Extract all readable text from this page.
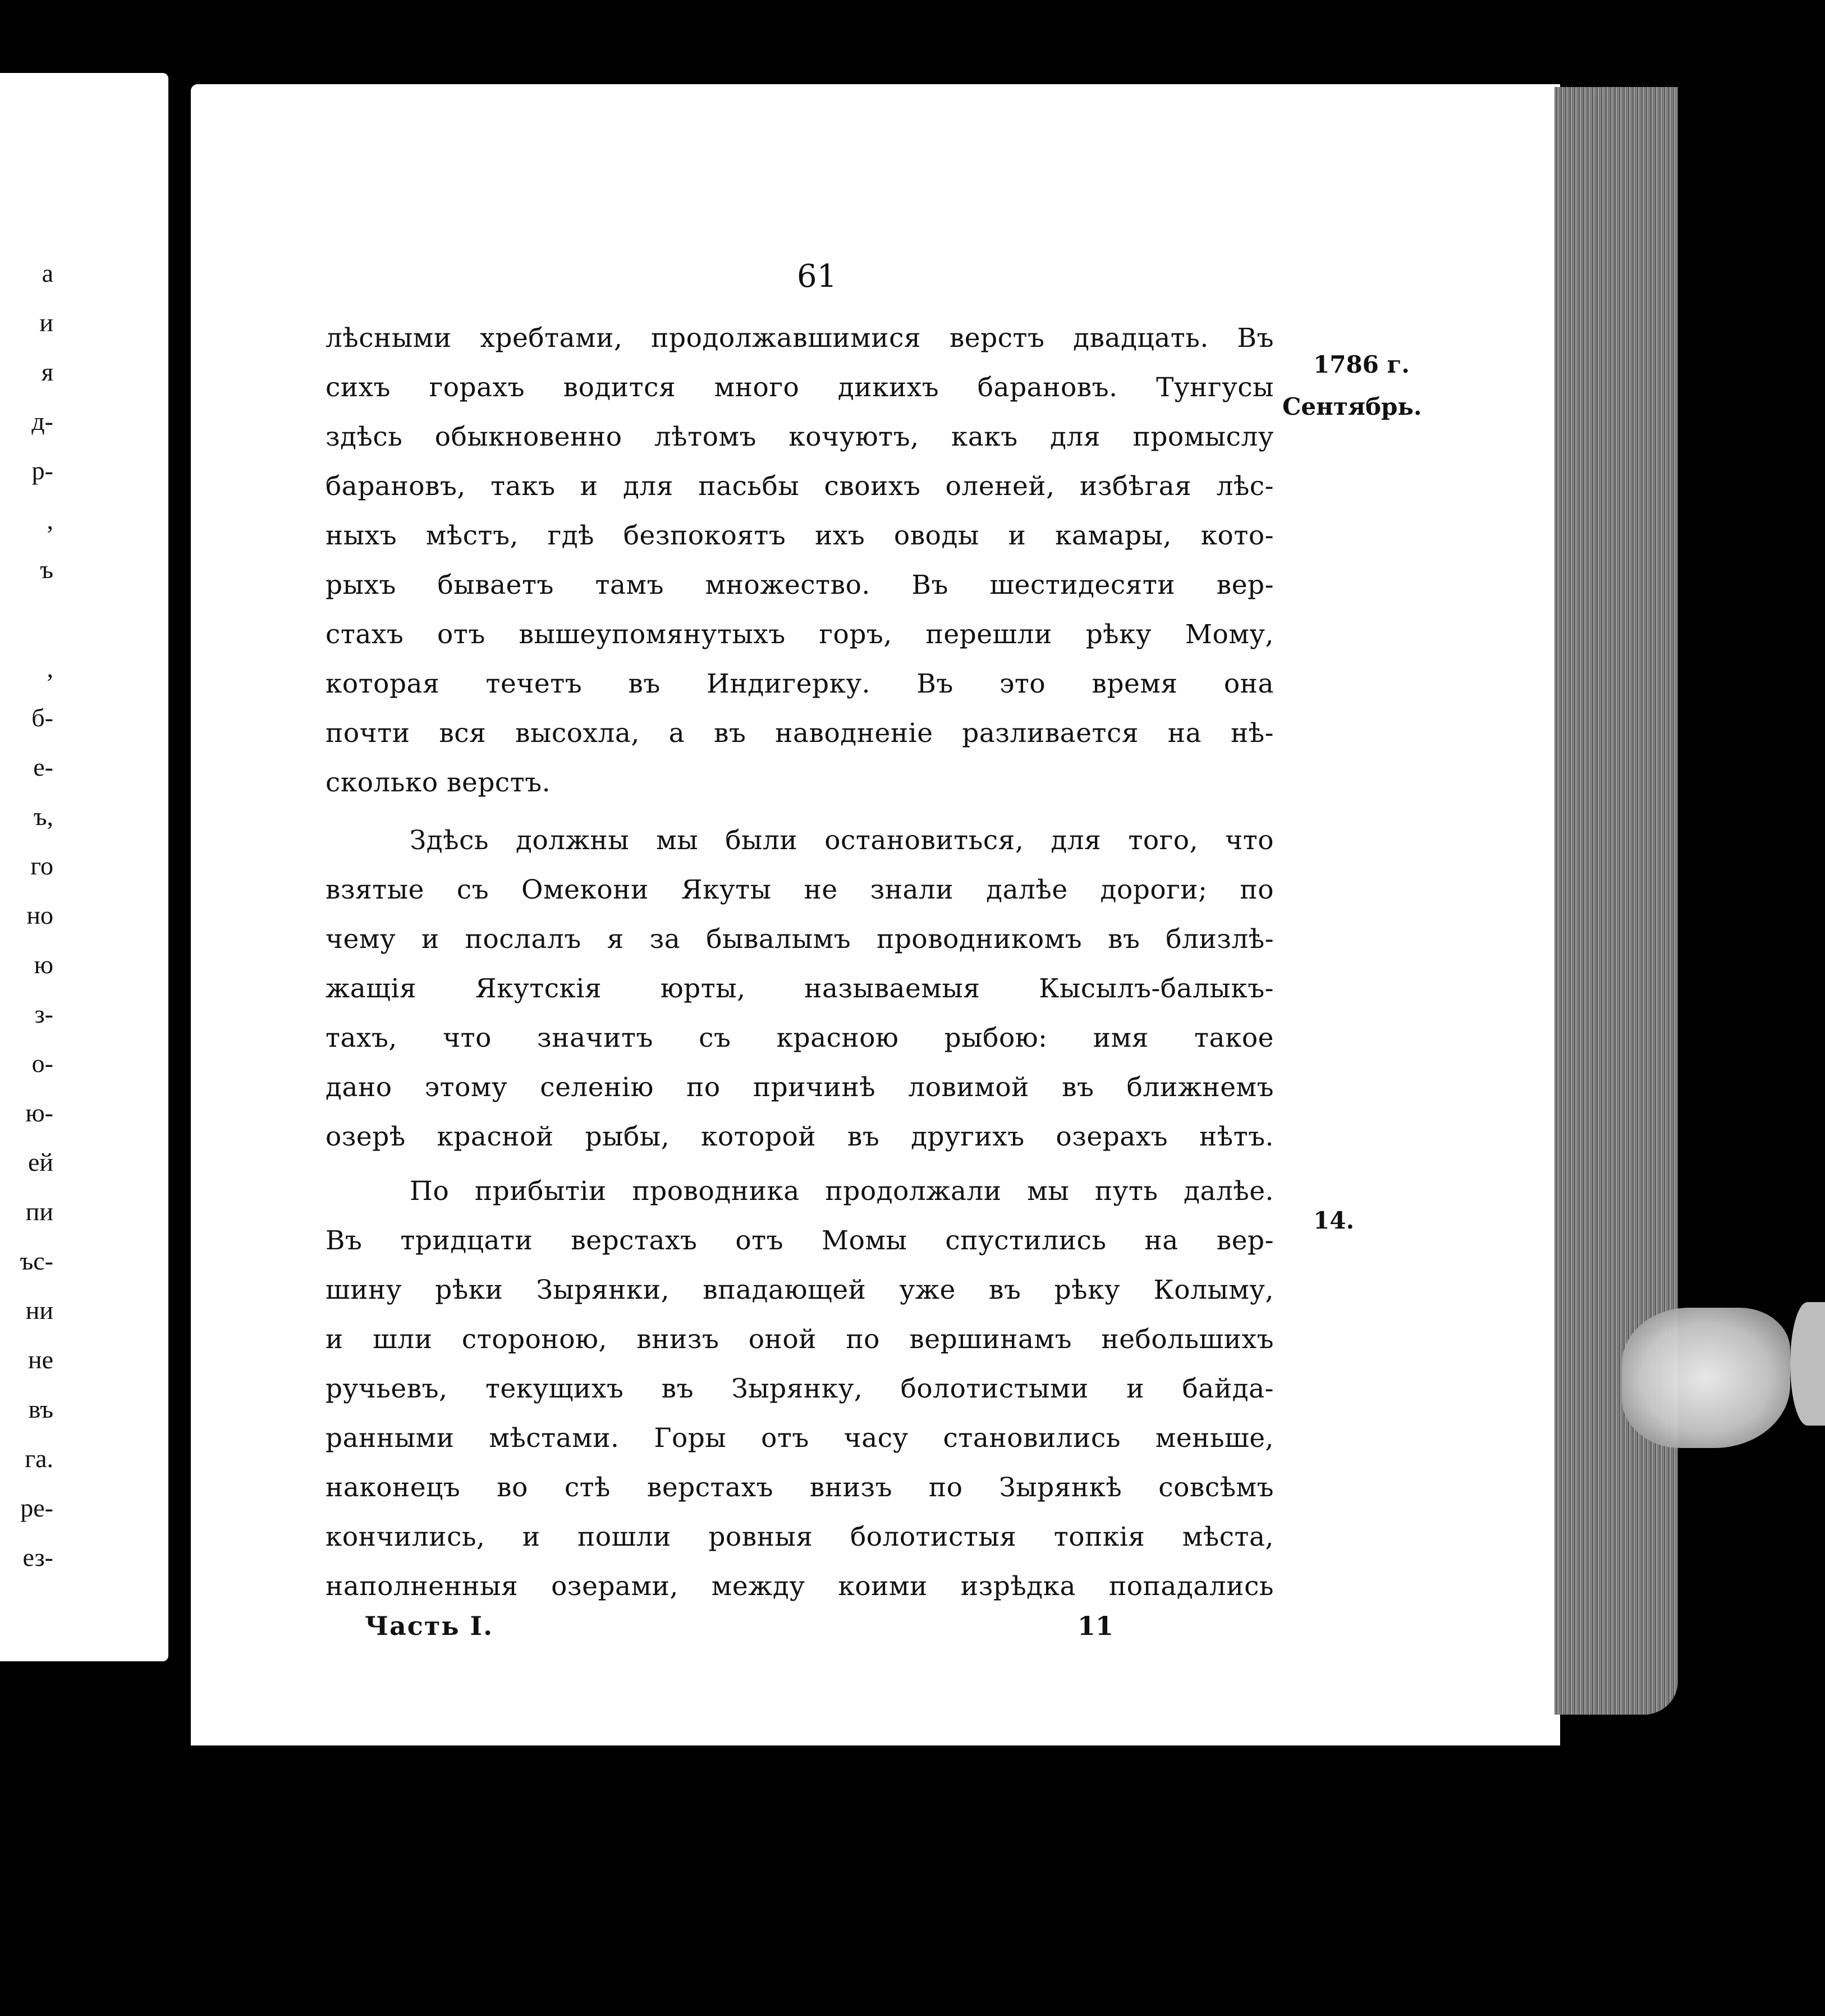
а
и
я
д-
р-
,
ъ
,
б-
е-
ъ,
го
но
ю
з-
о-
ю-
ей
пи
ъс-
ни
не
въ
га.
ре-
ез-
61
лѣсными хребтами, продолжавшимися верстъ двадцать. Въ
сихъ горахъ водится много дикихъ барановъ. Тунгусы
здѣсь обыкновенно лѣтомъ кочуютъ, какъ для промыслу
барановъ, такъ и для пасьбы своихъ оленей, избѣгая лѣс-
ныхъ мѣстъ, гдѣ безпокоятъ ихъ оводы и камары, кото-
рыхъ бываетъ тамъ множество. Въ шестидесяти вер-
стахъ отъ вышеупомянутыхъ горъ, перешли рѣку Мому,
которая течетъ въ Индигерку. Въ это время она
почти вся высохла, а въ наводненіе разливается на нѣ-
сколько верстъ.
Здѣсь должны мы были остановиться, для того, что
взятые съ Омекони Якуты не знали далѣе дороги; по
чему и послалъ я за бывалымъ проводникомъ въ близлѣ-
жащія Якутскія юрты, называемыя Кысылъ-балыкъ-
тахъ, что значитъ съ красною рыбою: имя такое
дано этому селенію по причинѣ ловимой въ ближнемъ
озерѣ красной рыбы, которой въ другихъ озерахъ нѣтъ.
По прибытіи проводника продолжали мы путь далѣе.
Въ тридцати верстахъ отъ Момы спустились на вер-
шину рѣки Зырянки, впадающей уже въ рѣку Колыму,
и шли стороною, внизъ оной по вершинамъ небольшихъ
ручьевъ, текущихъ въ Зырянку, болотистыми и байда-
ранными мѣстами. Горы отъ часу становились меньше,
наконецъ во стѣ верстахъ внизъ по Зырянкѣ совсѣмъ
кончились, и пошли ровныя болотистыя топкія мѣста,
наполненныя озерами, между коими изрѣдка попадались
1786 г.
Сентябрь.
14.
Часть I.	11
